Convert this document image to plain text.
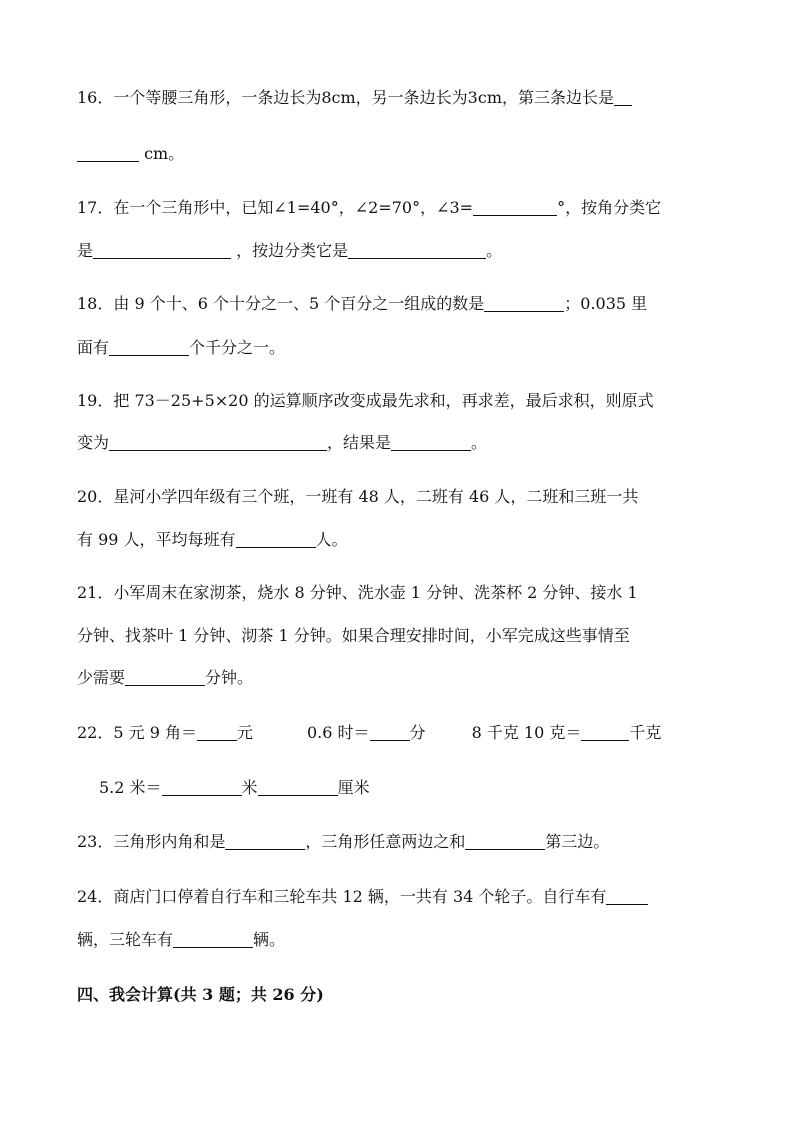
16．一个等腰三角形，一条边长为8cm，另一条边长为3cm，第三条边长是
cm。
17．在一个三角形中，已知∠1=40°，∠2=70°，∠3=	°，按角分类它
是	，按边分类它是	。
18．由 9 个十、6 个十分之一、5 个百分之一组成的数是	；0.035 里
面有	个千分之一。
19．把 73－25+5×20 的运算顺序改变成最先求和，再求差，最后求积，则原式
变为	，结果是	。
20．星河小学四年级有三个班，一班有 48 人，二班有 46 人，二班和三班一共
有 99 人，平均每班有	人。
21．小军周末在家沏茶，烧水 8 分钟、洗水壶 1 分钟、洗茶杯 2 分钟、接水 1
分钟、找茶叶 1 分钟、沏茶 1 分钟。如果合理安排时间，小军完成这些事情至
少需要	分钟。
22．5 元 9 角＝	元	0.6 时＝	分	8 千克 10 克＝	千克
5.2 米＝	米	厘米
23．三角形内角和是	，三角形任意两边之和	第三边。
24．商店门口停着自行车和三轮车共 12 辆，一共有 34 个轮子。自行车有
辆，三轮车有	辆。
四、我会计算(共 3 题；共 26 分)
